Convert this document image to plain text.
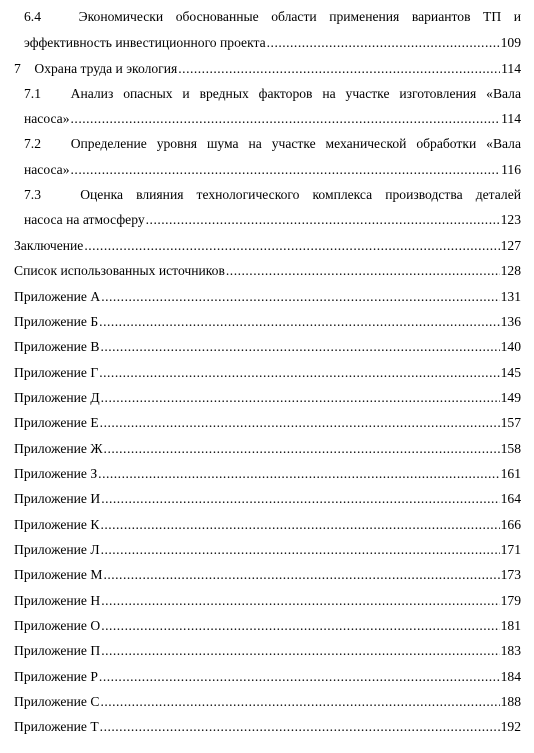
6.4	Экономически обоснованные области применения вариантов ТП и
эффективность инвестиционного проекта .....	109
7 Охрана труда и экология .....	114
7.1 Анализ опасных и вредных факторов на участке изготовления «Вала
насоса» .....	114
7.2 Определение уровня шума на участке механической обработки «Вала
насоса» .....	116
7.3	Оценка влияния технологического комплекса производства деталей
насоса на атмосферу .....	123
Заключение .....	127
Список использованных источников .....	128
Приложение А .....	131
Приложение Б .....	136
Приложение В .....	140
Приложение Г .....	145
Приложение Д .....	149
Приложение Е .....	157
Приложение Ж .....	158
Приложение З .....	161
Приложение И .....	164
Приложение К .....	166
Приложение Л .....	171
Приложение М .....	173
Приложение Н .....	179
Приложение О .....	181
Приложение П .....	183
Приложение Р .....	184
Приложение С .....	188
Приложение Т .....	192
